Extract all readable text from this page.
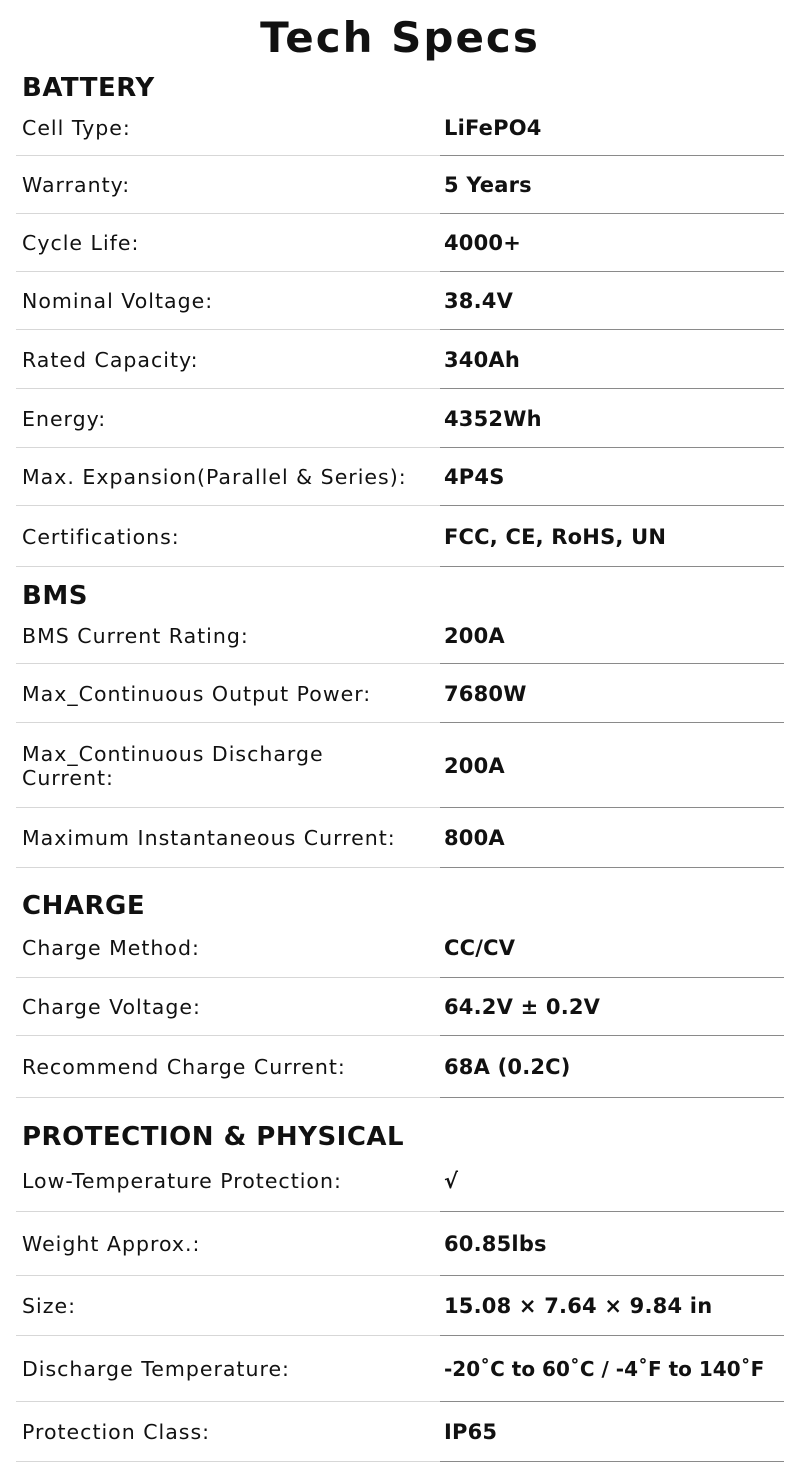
Tech Specs
BATTERY
Cell Type:	LiFePO4
Warranty:	5 Years
Cycle Life:	4000+
Nominal Voltage:	38.4V
Rated Capacity:	340Ah
Energy:	4352Wh
Max. Expansion(Parallel & Series):	4P4S
Certifications:	FCC, CE, RoHS, UN
BMS
BMS Current Rating:	200A
Max_Continuous Output Power:	7680W
Max_Continuous Discharge Current:	200A
Maximum Instantaneous Current:	800A
CHARGE
Charge Method:	CC/CV
Charge Voltage:	64.2V ± 0.2V
Recommend Charge Current:	68A (0.2C)
PROTECTION & PHYSICAL
Low-Temperature Protection:	√
Weight Approx.:	60.85lbs
Size:	15.08 × 7.64 × 9.84 in
Discharge Temperature:	-20˚C to 60˚C / -4˚F to 140˚F
Protection Class:	IP65
